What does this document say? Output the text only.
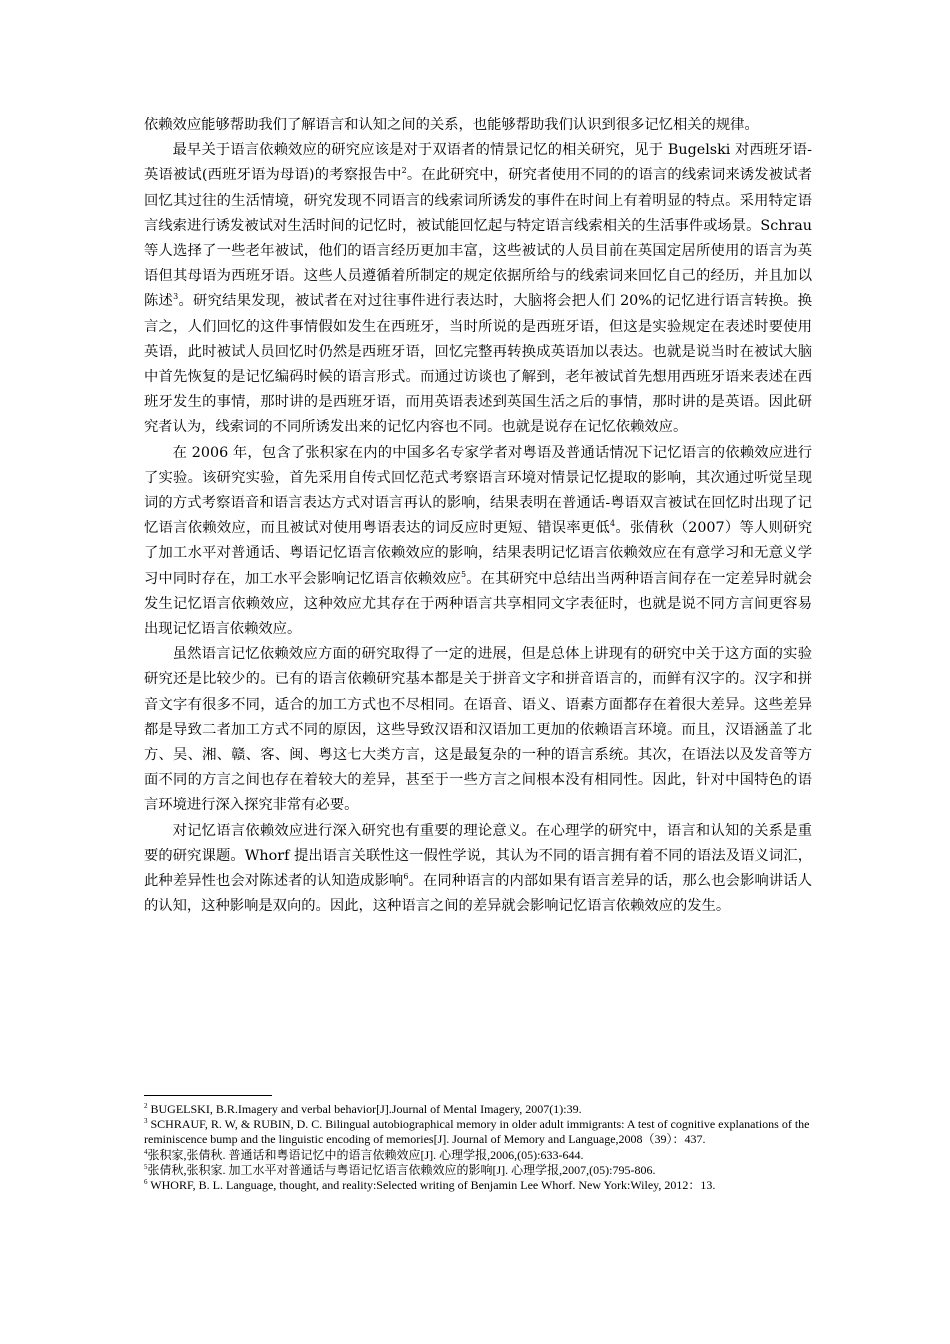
依赖效应能够帮助我们了解语言和认知之间的关系，也能够帮助我们认识到很多记忆相关的规律。

最早关于语言依赖效应的研究应该是对于双语者的情景记忆的相关研究，见于 Bugelski 对西班牙语-英语被试(西班牙语为母语)的考察报告中$^2$。在此研究中，研究者使用不同的的语言的线索词来诱发被试者回忆其过往的生活情境，研究发现不同语言的线索词所诱发的事件在时间上有着明显的特点。采用特定语言线索进行诱发被试对生活时间的记忆时，被试能回忆起与特定语言线索相关的生活事件或场景。Schrau 等人选择了一些老年被试，他们的语言经历更加丰富，这些被试的人员目前在英国定居所使用的语言为英语但其母语为西班牙语。这些人员遵循着所制定的规定依据所给与的线索词来回忆自己的经历，并且加以陈述$^3$。研究结果发现，被试者在对过往事件进行表达时，大脑将会把人们 20%的记忆进行语言转换。换言之，人们回忆的这件事情假如发生在西班牙，当时所说的是西班牙语，但这是实验规定在表述时要使用英语，此时被试人员回忆时仍然是西班牙语，回忆完整再转换成英语加以表达。也就是说当时在被试大脑中首先恢复的是记忆编码时候的语言形式。而通过访谈也了解到，老年被试首先想用西班牙语来表述在西班牙发生的事情，那时讲的是西班牙语，而用英语表述到英国生活之后的事情，那时讲的是英语。因此研究者认为，线索词的不同所诱发出来的记忆内容也不同。也就是说存在记忆依赖效应。

在 2006 年，包含了张积家在内的中国多名专家学者对粤语及普通话情况下记忆语言的依赖效应进行了实验。该研究实验，首先采用自传式回忆范式考察语言环境对情景记忆提取的影响，其次通过听觉呈现词的方式考察语音和语言表达方式对语言再认的影响，结果表明在普通话-粤语双言被试在回忆时出现了记忆语言依赖效应，而且被试对使用粤语表达的词反应时更短、错误率更低$^4$。张倩秋（2007）等人则研究了加工水平对普通话、粤语记忆语言依赖效应的影响，结果表明记忆语言依赖效应在有意学习和无意义学习中同时存在，加工水平会影响记忆语言依赖效应$^5$。在其研究中总结出当两种语言间存在一定差异时就会发生记忆语言依赖效应，这种效应尤其存在于两种语言共享相同文字表征时，也就是说不同方言间更容易出现记忆语言依赖效应。

虽然语言记忆依赖效应方面的研究取得了一定的进展，但是总体上讲现有的研究中关于这方面的实验研究还是比较少的。已有的语言依赖研究基本都是关于拼音文字和拼音语言的，而鲜有汉字的。汉字和拼音文字有很多不同，适合的加工方式也不尽相同。在语音、语义、语素方面都存在着很大差异。这些差异都是导致二者加工方式不同的原因，这些导致汉语和汉语加工更加的依赖语言环境。而且，汉语涵盖了北方、吴、湘、赣、客、闽、粤这七大类方言，这是最复杂的一种的语言系统。其次，在语法以及发音等方面不同的方言之间也存在着较大的差异，甚至于一些方言之间根本没有相同性。因此，针对中国特色的语言环境进行深入探究非常有必要。

对记忆语言依赖效应进行深入研究也有重要的理论意义。在心理学的研究中，语言和认知的关系是重要的研究课题。Whorf 提出语言关联性这一假性学说，其认为不同的语言拥有着不同的语法及语义词汇，此种差异性也会对陈述者的认知造成影响$^6$。在同种语言的内部如果有语言差异的话，那么也会影响讲话人的认知，这种影响是双向的。因此，这种语言之间的差异就会影响记忆语言依赖效应的发生。

$^2$ BUGELSKI, B.R.Imagery and verbal behavior[J].Journal of Mental Imagery, 2007(1):39.

$^3$ SCHRAUF, R. W, & RUBIN, D. C. Bilingual autobiographical memory in older adult immigrants: A test of cognitive explanations of the reminiscence bump and the linguistic encoding of memories[J]. Journal of Memory and Language,2008（39）：437.

$^4$张积家,张倩秋. 普通话和粤语记忆中的语言依赖效应[J]. 心理学报,2006,(05):633-644.

$^5$张倩秋,张积家. 加工水平对普通话与粤语记忆语言依赖效应的影响[J]. 心理学报,2007,(05):795-806.

$^6$ WHORF, B. L. Language, thought, and reality:Selected writing of Benjamin Lee Whorf. New York:Wiley, 2012：13.
